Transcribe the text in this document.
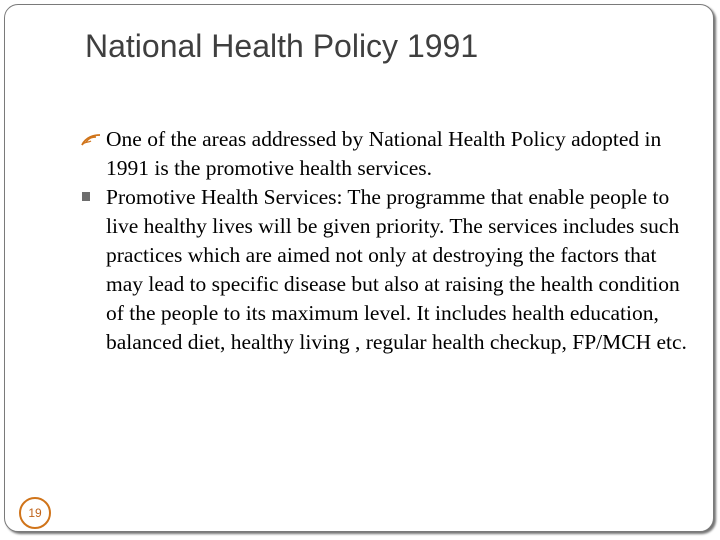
National Health Policy 1991
One of the areas addressed by National Health Policy adopted in 1991 is the promotive health services.
Promotive Health Services: The programme that enable people to live healthy lives will be given priority. The services includes such practices which are aimed not only at destroying the factors that may lead to specific disease but also at raising the health condition of the people to its maximum level. It includes health education, balanced diet, healthy living , regular health checkup, FP/MCH etc.
19
